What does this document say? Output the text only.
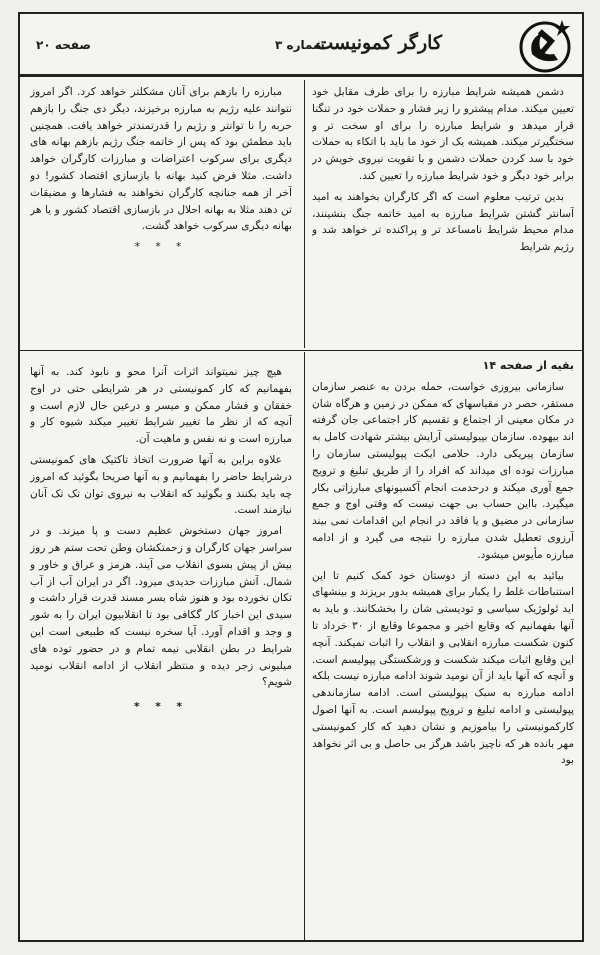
کارگر کمونیست
شماره ۳
صفحه ۲۰

دشمن همیشه شرایط مبارزه را برای طرف مقابل خود تعیین میکند. مدام پیشترو را زیر فشار و حملات خود در تنگنا قرار میدهد و شرایط مبارزه را برای او سخت تر و سختگیرتر میکند. همیشه یک از خود ما باید با اتکاء به حملات خود با سد کردن حملات دشمن و با تقویت نیروی خویش در برابر خود دیگر و خود شرایط مبارزه را تعیین کند.

بدین ترتیب معلوم است که اگر کارگران بخواهند به امید آسانتر گشتن شرایط مبارزه به امید خاتمه جنگ بنشینند، مدام محیط شرایط نامساعد تر و پراکنده تر خواهد شد و رژیم شرایط

مبارزه را بازهم برای آنان مشکلتر خواهد کرد. اگر امروز نتوانند علیه رژیم به مبارزه برخیزند، دیگر دی جنگ را بازهم حربه را نا توانتر و رژیم را قدرتمندتر خواهد یافت. همچنین باید مطمئن بود که پس از خاتمه جنگ رژیم بازهم بهانه های دیگری برای سرکوب اعتراضات و مبارزات کارگران خواهد داشت. مثلا فرض کنید بهانه با بازسازی اقتصاد کشور! دو آخر از همه جنانچه کارگران نخواهند به فشارها و مضیقات تن دهند مثلا به بهانه احلال در بازسازی اقتصاد کشور و یا هر بهانه دیگری سرکوب خواهد گشت.

* * *
بقیه از صفحه ۱۴

سازمانی بیروزی خواست، حمله بردن به عنصر سازمان مستقر، حصر در مقیاسهای که ممکن در زمین و هرگاه شان در مکان معینی از اجتماع و تقسیم کار اجتماعی جان گرفته اند بیهوده. سازمان بپیولیستی آرایش بیشتر شهادت کامل به سازمان پیریکی دارد. حلامی ایکت پپولیستی سازمان را مبارزات توده ای میداند که افراد را از طریق تبلیغ و ترویج جمع آوری میکند و درحدمت انجام آکسیونهای مبارزاتی بکار میگیرد. بااین حساب بی جهت نیست که وقتی اوج و جمع سازمانی در مضیق و یا فاقد در انجام این اقدامات نمی بیند آرزوی تعطیل شدن مبارزه را نتیجه می گیرد و از ادامه مبارزه مأیوس میشود.

بیائید به این دسته از دوستان خود کمک کنیم تا این استنباطات غلط را یکبار برای همیشه بدور بریزند و بینشهای اید ئولوژیک سیاسی و تودیستی شان را بخشکانند. و باید به آنها بفهمانیم که وقایع اخیر و مجموعا وقایع از ۳۰ خرداد تا کنون شکست مبارزه انقلابی و انقلاب را اثبات نمیکند. آنچه این وقایع اثبات میکند شکست و ورشکستگی پپولیسم است. و آنچه که آنها باید از آن نومید شوند ادامه مبارزه نیست بلکه ادامه مبارزه به سبک پپولیستی است. ادامه سازماندهی پپولیستی و ادامه تبلیغ و ترویج پپولیسم است. به آنها اصول کارکمونیستی را بیاموزیم و نشان دهید که کار کمونیستی مهر بانده هر که ناچیز باشد هرگز بی حاصل و بی اثر نخواهد بود

هیچ چیز نمیتواند اثرات آنرا محو و نابود کند. به آنها بفهمانیم که کار کمونیستی در هر شرایطی حتی در اوج خفقان و فشار ممکن و میسر و درعین حال لازم است و آنچه که از نظر ما تغییر شرایط تغییر میکند شیوه کار و مبارزه است و نه نفس و ماهیت آن.

علاوه براین به آنها ضرورت اتخاذ تاکتیک های کمونیستی درشرایط حاضر را بفهمانیم و به آنها صریحا بگوئید که امروز چه باید بکنند و بگوئید که انقلاب به نیروی توان تک تک آنان نیازمند است.

امروز جهان دستخوش عظیم دست و پا میزند. و در سراسر جهان کارگران و زحمتکشان وطن تحت ستم هر روز بیش از پیش بسوی انقلاب می آیند. هرمز و عراق و خاور و شمال. آتش مبارزات حدیدی میرود. اگر در ایران آب از آب تکان نخورده بود و هنوز شاه بسر مسند قدرت قرار داشت و سیدی این اخبار کار گکافی بود تا انقلابیون ایران را به شور و وجد و اقدام آورد. آیا سخره نیست که طبیعی است این شرایط در بطن انقلابی نیمه تمام و در حضور توده های میلیونی زجر دیده و منتظر انقلاب از ادامه انقلاب نومید شویم؟

* * *
